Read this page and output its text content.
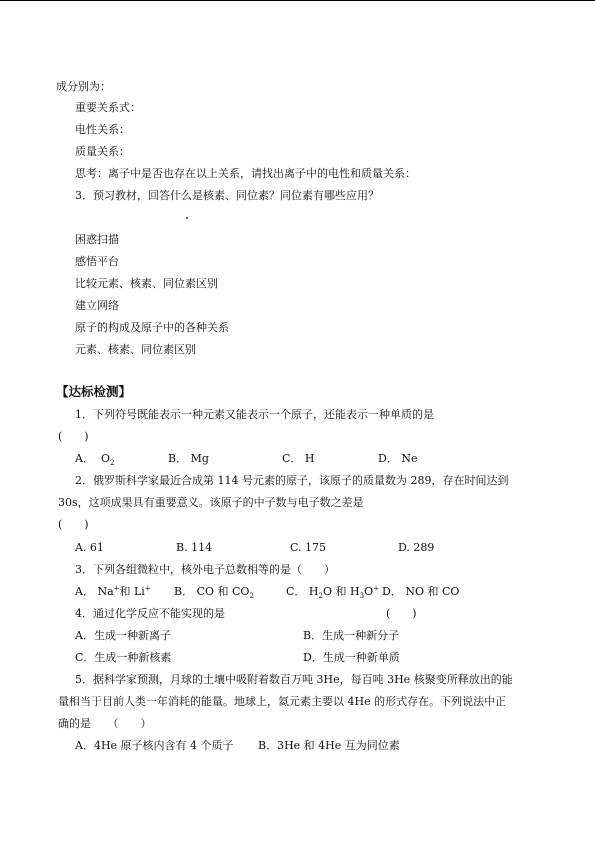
成分别为：
重要关系式：
电性关系：
质量关系：
思考：离子中是否也存在以上关系，请找出离子中的电性和质量关系：
3．预习教材，回答什么是核素、同位素？同位素有哪些应用？
困惑扫描
感悟平台
比较元素、核素、同位素区别
建立网络
原子的构成及原子中的各种关系
元素、核素、同位素区别
【达标检测】
1．下列符号既能表示一种元素又能表示一个原子，还能表示一种单质的是
(　　)
A． $O_2$	B． Mg	C． H	D． Ne
2．俄罗斯科学家最近合成第 114 号元素的原子，该原子的质量数为 289，存在时间达到
30s，这项成果具有重要意义。该原子的中子数与电子数之差是
(　　)
A. 61	B. 114	C. 175	D. 289
3．下列各组微粒中，核外电子总数相等的是（　　）
A． Na+和 Li+ B． CO 和 $CO_2$	C． $H_2O$ 和 $H_3O^+$ D． NO 和 CO
4．通过化学反应不能实现的是	(　　)
A．生成一种新离子	B．生成一种新分子
C．生成一种新核素	D．生成一种新单质
5．据科学家预测，月球的土壤中吸附着数百万吨 3He，每百吨 3He 核聚变所释放出的能
量相当于目前人类一年消耗的能量。地球上，氦元素主要以 4He 的形式存在。下列说法中正
确的是　　（　　）
A．4He 原子核内含有 4 个质子 B．3He 和 4He 互为同位素
